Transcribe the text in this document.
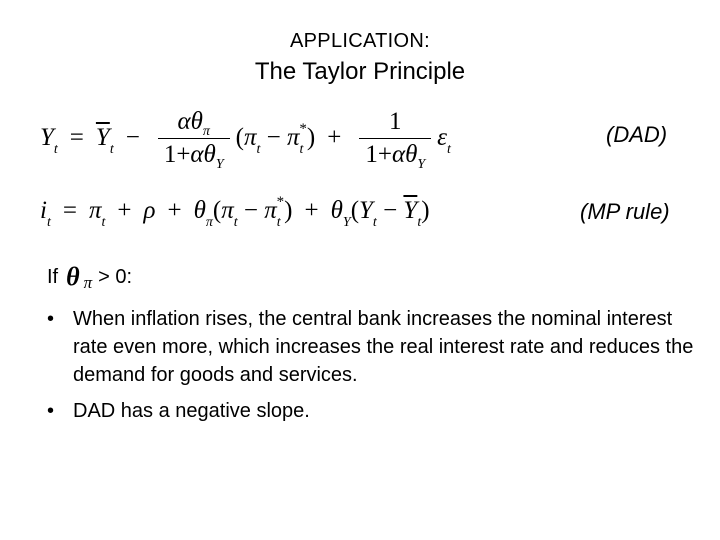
APPLICATION:
The Taylor Principle
$Y_t = \overline{Y}_t - \frac{\alpha\theta_\pi}{1+\alpha\theta_Y} (\pi_t - \pi_t^*) + \frac{1}{1+\alpha\theta_Y} \varepsilon_t$
(DAD)
$i_t = \pi_t + \rho + \theta_\pi$ $(\pi_t - \pi_t^*) + \theta_Y$ $(Y_t - \overline{Y}_t)$	(MP rule)
If θ π > 0:
• When inflation rises, the central bank increases the nominal interest rate even more, which increases the real interest rate and reduces the demand for goods and services.
• DAD has a negative slope.
